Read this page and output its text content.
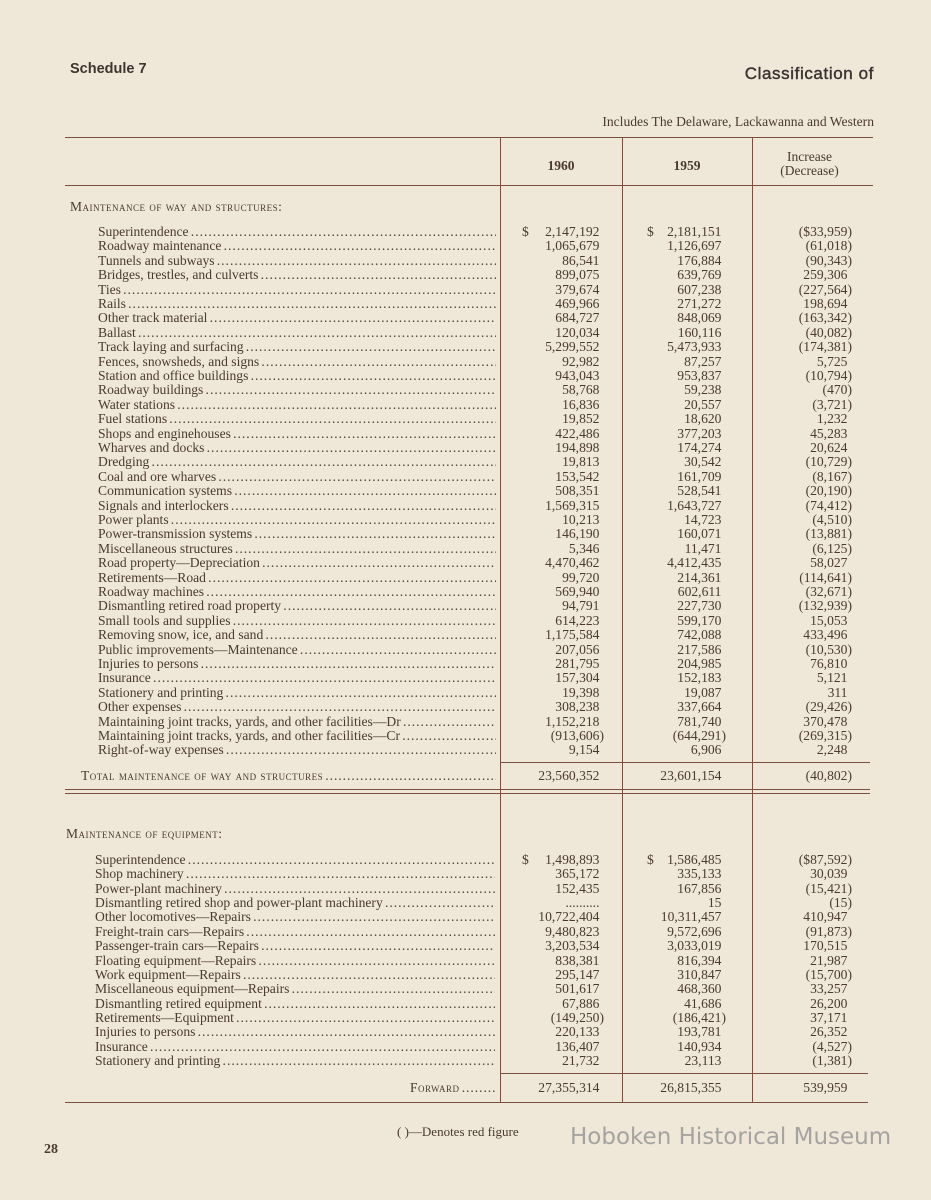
Schedule 7	Classification of
Includes The Delaware, Lackawanna and Western
1960	1959
Increase
(Decrease)
Maintenance of way and structures:
Maintenance of equipment:
Superintendence . . .	2,147,192	2,181,151	($33,959)
$	$
Roadway maintenance . . .	1,065,679	1,126,697	(61,018)
Tunnels and subways . . .	86,541	176,884	(90,343)
Bridges, trestles, and culverts . . .	899,075	639,769	259,306
Ties . . .	379,674	607,238	(227,564)
Rails . . .	469,966	271,272	198,694
Other track material . . .	684,727	848,069	(163,342)
Ballast . . .	120,034	160,116	(40,082)
Track laying and surfacing . . .	5,299,552	5,473,933	(174,381)
Fences, snowsheds, and signs . . .	92,982	87,257	5,725
Station and office buildings . . .	943,043	953,837	(10,794)
Roadway buildings . . .	58,768	59,238	(470)
Water stations . . .	16,836	20,557	(3,721)
Fuel stations . . .	19,852	18,620	1,232
Shops and enginehouses . . .	422,486	377,203	45,283
Wharves and docks . . .	194,898	174,274	20,624
Dredging . . .	19,813	30,542	(10,729)
Coal and ore wharves . . .	153,542	161,709	(8,167)
Communication systems . . .	508,351	528,541	(20,190)
Signals and interlockers . . .	1,569,315	1,643,727	(74,412)
Power plants . . .	10,213	14,723	(4,510)
Power-transmission systems . . .	146,190	160,071	(13,881)
Miscellaneous structures . . .	5,346	11,471	(6,125)
Road property—Depreciation . . .	4,470,462	4,412,435	58,027
Retirements—Road . . .	99,720	214,361	(114,641)
Roadway machines . . .	569,940	602,611	(32,671)
Dismantling retired road property . . .	94,791	227,730	(132,939)
Small tools and supplies . . .	614,223	599,170	15,053
Removing snow, ice, and sand . . .	1,175,584	742,088	433,496
Public improvements—Maintenance . . .	207,056	217,586	(10,530)
Injuries to persons . . .	281,795	204,985	76,810
Insurance . . .	157,304	152,183	5,121
Stationery and printing . . .	19,398	19,087	311
Other expenses . . .	308,238	337,664	(29,426)
Maintaining joint tracks, yards, and other facilities—Dr . . .	1,152,218	781,740	370,478
Maintaining joint tracks, yards, and other facilities—Cr . . .	(913,606)	(644,291)	(269,315)
Right-of-way expenses . . .	9,154	6,906	2,248
Total maintenance of way and structures . . .	23,560,352	23,601,154	(40,802)
Superintendence . . .	1,498,893	1,586,485	($87,592)
$	$
Shop machinery . . .	365,172	335,133	30,039
Power-plant machinery . . .	152,435	167,856	(15,421)
Dismantling retired shop and power-plant machinery . . .	..........	15	(15)
Other locomotives—Repairs . . .	10,722,404	10,311,457	410,947
Freight-train cars—Repairs . . .	9,480,823	9,572,696	(91,873)
Passenger-train cars—Repairs . . .	3,203,534	3,033,019	170,515
Floating equipment—Repairs . . .	838,381	816,394	21,987
Work equipment—Repairs . . .	295,147	310,847	(15,700)
Miscellaneous equipment—Repairs . . .	501,617	468,360	33,257
Dismantling retired equipment . . .	67,886	41,686	26,200
Retirements—Equipment . . .	(149,250)	(186,421)	37,171
Injuries to persons . . .	220,133	193,781	26,352
Insurance . . .	136,407	140,934	(4,527)
Stationery and printing . . .	21,732	23,113	(1,381)
Forward . . .	27,355,314	26,815,355	539,959
( )—Denotes red figure
28	Hoboken Historical Museum
